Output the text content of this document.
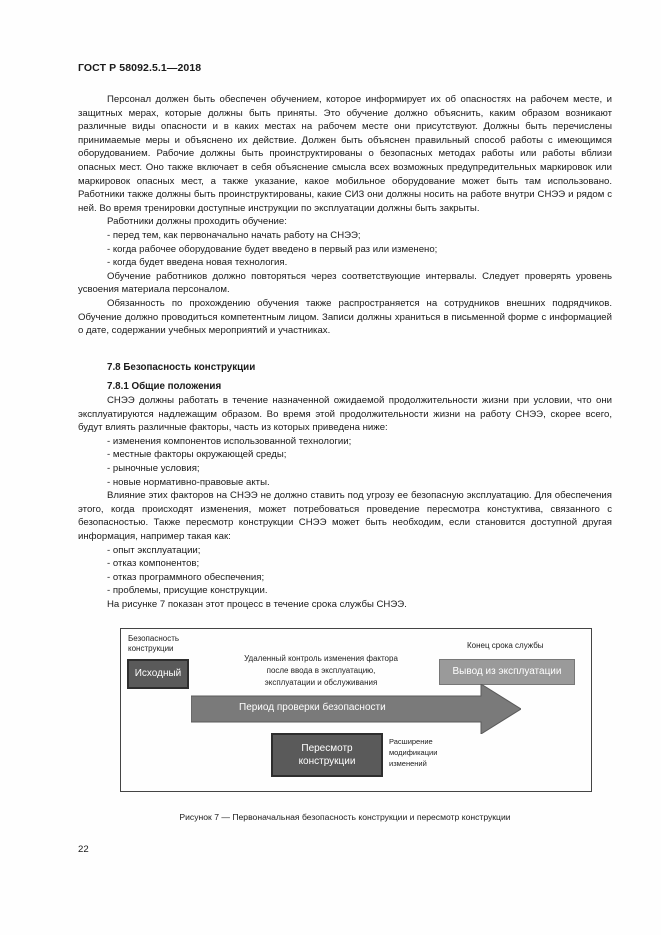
ГОСТ Р 58092.5.1—2018

Персонал должен быть обеспечен обучением, которое информирует их об опасностях на рабочем месте, и защитных мерах, которые должны быть приняты. Это обучение должно объяснить, каким образом возникают различные виды опасности и в каких местах на рабочем месте они присутствуют. Должны быть перечислены принимаемые меры и объяснено их действие. Должен быть объяснен правильный способ работы с имеющимся оборудованием. Рабочие должны быть проинструктированы о безопасных методах работы или работы вблизи опасных мест. Оно также включает в себя объяснение смысла всех возможных предупредительных маркировок или маркировок опасных мест, а также указание, какое мобильное оборудование может быть там использовано. Работники также должны быть проинструктированы, какие СИЗ они должны носить на работе внутри СНЭЭ и рядом с ней. Во время тренировки доступные инструкции по эксплуатации должны быть закрыты.

Работники должны проходить обучение:

- перед тем, как первоначально начать работу на СНЭЭ;

- когда рабочее оборудование будет введено в первый раз или изменено;

- когда будет введена новая технология.

Обучение работников должно повторяться через соответствующие интервалы. Следует проверять уровень усвоения материала персоналом.

Обязанность по прохождению обучения также распространяется на сотрудников внешних подрядчиков. Обучение должно проводиться компетентным лицом. Записи должны храниться в письменной форме с информацией о дате, содержании учебных мероприятий и участниках.

7.8 Безопасность конструкции
7.8.1 Общие положения

СНЭЭ должны работать в течение назначенной ожидаемой продолжительности жизни при условии, что они эксплуатируются надлежащим образом. Во время этой продолжительности жизни на работу СНЭЭ, скорее всего, будут влиять различные факторы, часть из которых приведена ниже:

- изменения компонентов использованной технологии;

- местные факторы окружающей среды;

- рыночные условия;

- новые нормативно-правовые акты.

Влияние этих факторов на СНЭЭ не должно ставить под угрозу ее безопасную эксплуатацию. Для обеспечения этого, когда происходят изменения, может потребоваться проведение пересмотра констуктива, связанного с безопасностью. Также пересмотр конструкции СНЭЭ может быть необходим, если становится доступной другая информация, например такая как:

- опыт эксплуатации;

- отказ компонентов;

- отказ программного обеспечения;

- проблемы, присущие конструкции.

На рисунке 7 показан этот процесс в течение срока службы СНЭЭ.

Безопасность
конструкции
Исходный
Удаленный контроль изменения фактора
после ввода в эксплуатацию,
эксплуатации и обслуживания
Конец срока службы
Вывод из эксплуатации
Период проверки безопасности
Пересмотр
конструкции
Расширение
модификации
изменений
Рисунок 7 — Первоначальная безопасность конструкции и пересмотр конструкции
22
